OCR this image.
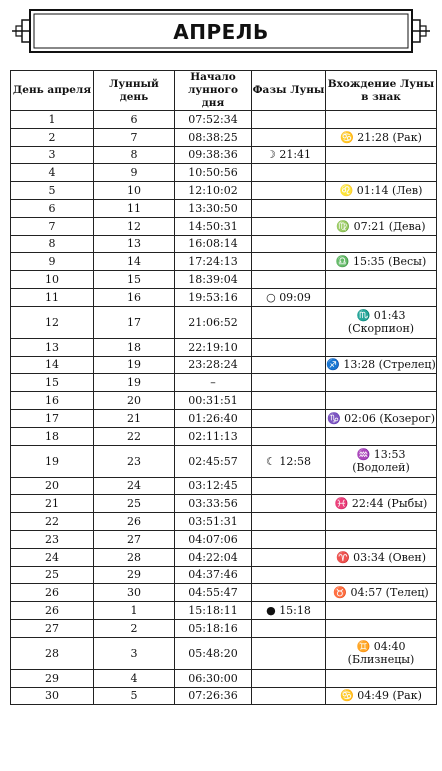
АПРЕЛЬ
День апреля	Лунный день	Начало лунного дня	Фазы Луны	Вхождение Луны в знак
1	6	07:52:34		
2	7	08:38:25		♋ 21:28 (Рак)
3	8	09:38:36	☽ 21:41	
4	9	10:50:56		
5	10	12:10:02		♌ 01:14 (Лев)
6	11	13:30:50		
7	12	14:50:31		♍ 07:21 (Дева)
8	13	16:08:14		
9	14	17:24:13		♎ 15:35 (Весы)
10	15	18:39:04		
11	16	19:53:16	○ 09:09	
12	17	21:06:52		♏ 01:43
(Скорпион)
13	18	22:19:10		
14	19	23:28:24		♐ 13:28 (Стрелец)
15	19	–		
16	20	00:31:51		
17	21	01:26:40		♑ 02:06 (Козерог)
18	22	02:11:13		
19	23	02:45:57	☾ 12:58	♒ 13:53
(Водолей)
20	24	03:12:45		
21	25	03:33:56		♓ 22:44 (Рыбы)
22	26	03:51:31		
23	27	04:07:06		
24	28	04:22:04		♈ 03:34 (Овен)
25	29	04:37:46		
26	30	04:55:47		♉ 04:57 (Телец)
26	1	15:18:11	● 15:18	
27	2	05:18:16		
28	3	05:48:20		♊ 04:40
(Близнецы)
29	4	06:30:00		
30	5	07:26:36		♋ 04:49 (Рак)
